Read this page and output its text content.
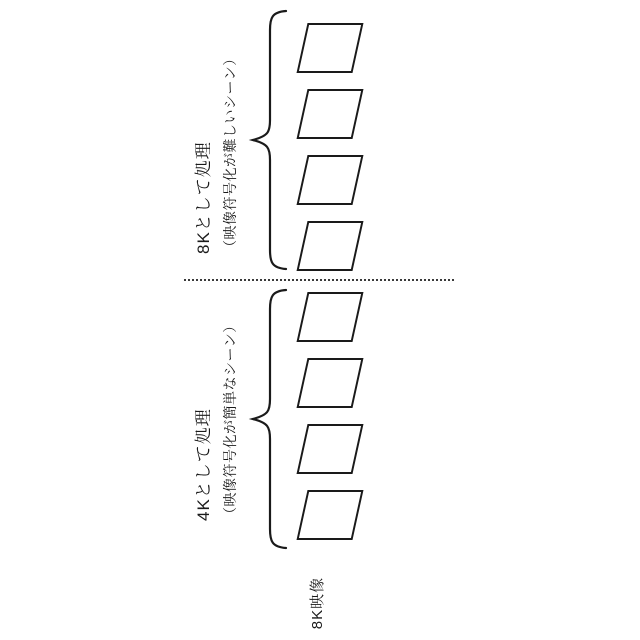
8Kとして処理 （映像符号化が難しいシーン）
4Kとして処理 （映像符号化が簡単なシーン）
8K映像
